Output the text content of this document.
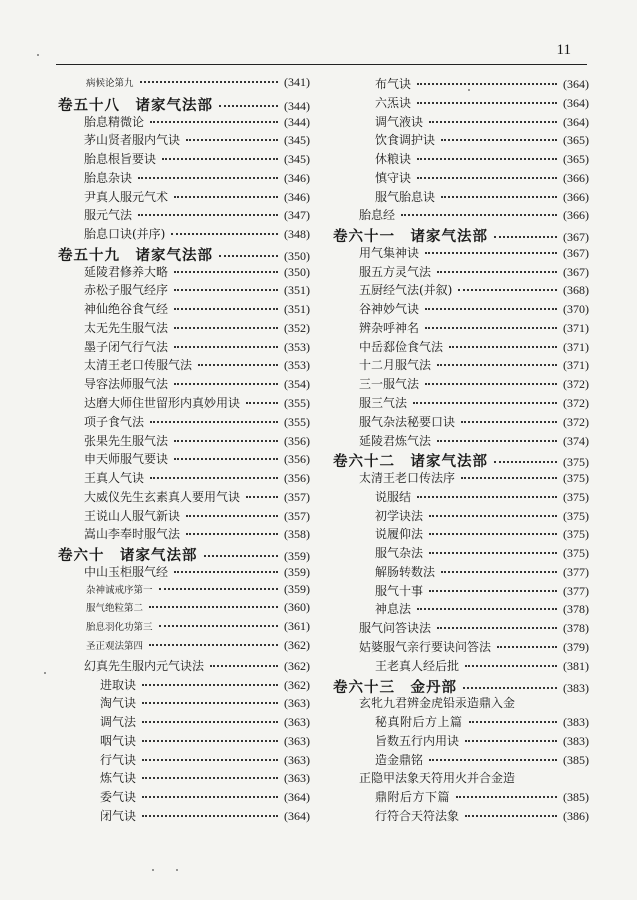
11
病候论第九	(341)
卷五十八　诸家气法部	(344)
胎息精微论	(344)
茅山贤者服内气诀	(345)
胎息根旨要诀	(345)
胎息杂诀	(346)
尹真人服元气术	(346)
服元气法	(347)
胎息口诀(并序)	(348)
卷五十九　诸家气法部	(350)
延陵君修养大略	(350)
赤松子服气经序	(351)
神仙绝谷食气经	(351)
太无先生服气法	(352)
墨子闭气行气法	(353)
太清王老口传服气法	(353)
导容法师服气法	(354)
达磨大师住世留形内真妙用诀	(355)
项子食气法	(355)
张果先生服气法	(356)
申天师服气要诀	(356)
王真人气诀	(356)
大威仪先生玄素真人要用气诀	(357)
王说山人服气新诀	(357)
嵩山李奉时服气法	(358)
卷六十　诸家气法部	(359)
中山玉柜服气经	(359)
杂神诚戒序第一	(359)
服气绝粒第二	(360)
胎息羽化功第三	(361)
圣正观法第四	(362)
幻真先生服内元气诀法	(362)
进取诀	(362)
淘气诀	(363)
调气法	(363)
咽气诀	(363)
行气诀	(363)
炼气诀	(363)
委气诀	(364)
闭气诀	(364)
布气诀	(364)
六炁诀	(364)
调气液诀	(364)
饮食调护诀	(365)
休粮诀	(365)
慎守诀	(366)
服气胎息诀	(366)
胎息经	(366)
卷六十一　诸家气法部	(367)
用气集神诀	(367)
服五方灵气法	(367)
五厨经气法(并叙)	(368)
谷神妙气诀	(370)
辨杂呼神名	(371)
中岳郄俭食气法	(371)
十二月服气法	(371)
三一服气法	(372)
服三气法	(372)
服气杂法秘要口诀	(372)
延陵君炼气法	(374)
卷六十二　诸家气法部	(375)
太清王老口传法序	(375)
说服结	(375)
初学诀法	(375)
说履仰法	(375)
服气杂法	(375)
解肠转数法	(377)
服气十事	(377)
神息法	(378)
服气问答诀法	(378)
姑婆服气亲行要诀问答法	(379)
王老真人经后批	(381)
卷六十三　金丹部	(383)
玄牝九君辨金虎铅汞造鼎入金
秘真附后方上篇	(383)
旨数五行内用诀	(383)
造金鼎铭	(385)
正隐甲法象天符用火并合金造
鼎附后方下篇	(385)
行符合天符法象	(386)
